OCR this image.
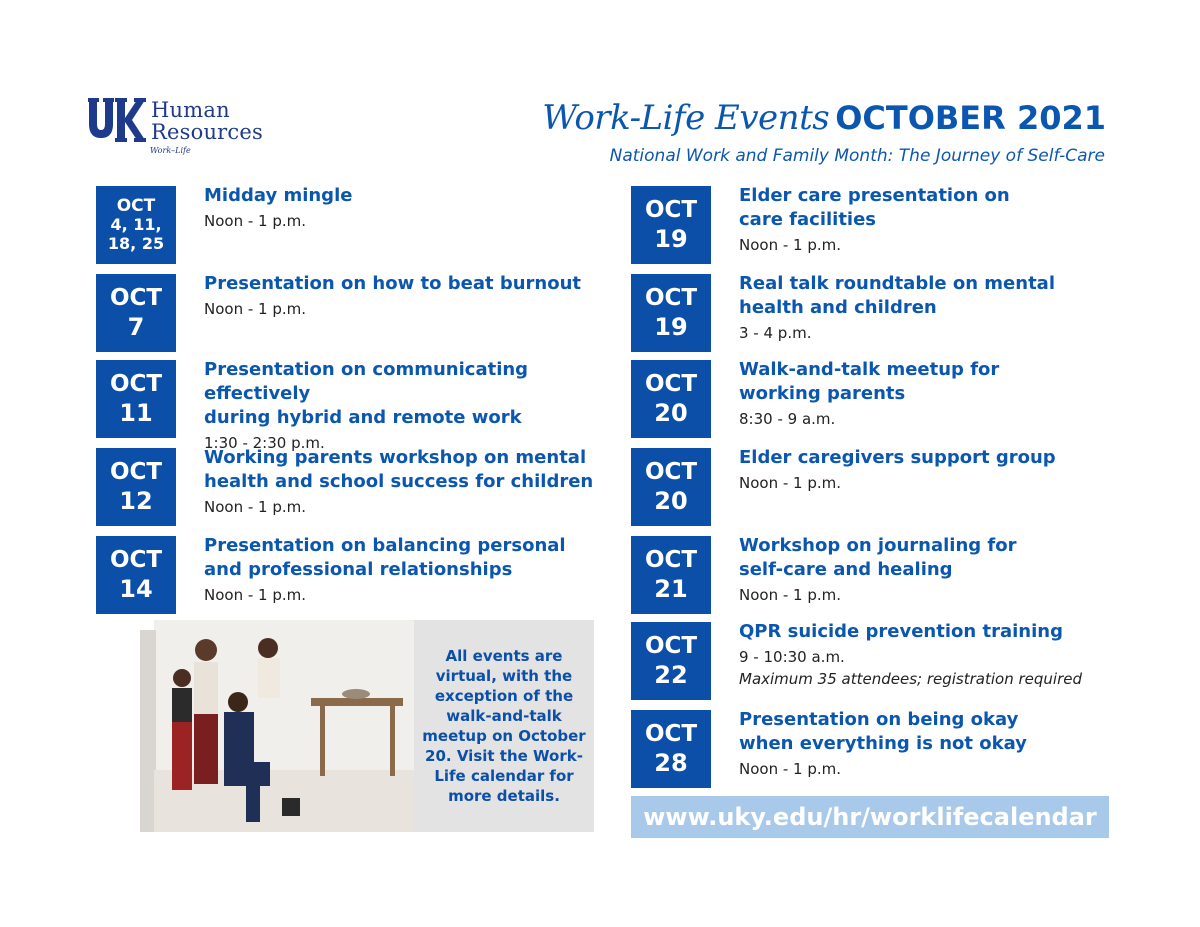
Human
Resources
Work–Life
Work-Life Events OCTOBER 2021
National Work and Family Month: The Journey of Self-Care
OCT
4, 11,
18, 25
Midday mingle
Noon - 1 p.m.
OCT
7
Presentation on how to beat burnout
Noon - 1 p.m.
OCT
11
Presentation on communicating effectively
during hybrid and remote work
1:30 - 2:30 p.m.
OCT
12
Working parents workshop on mental
health and school success for children
Noon - 1 p.m.
OCT
14
Presentation on balancing personal
and professional relationships
Noon - 1 p.m.
All events are virtual, with the exception of the walk-and-talk meetup on October 20. Visit the Work-Life calendar for more details.
OCT
19
Elder care presentation on
care facilities
Noon - 1 p.m.
OCT
19
Real talk roundtable on mental
health and children
3 - 4 p.m.
OCT
20
Walk-and-talk meetup for
working parents
8:30 - 9 a.m.
OCT
20
Elder caregivers support group
Noon - 1 p.m.
OCT
21
Workshop on journaling for
self-care and healing
Noon - 1 p.m.
OCT
22
QPR suicide prevention training
9 - 10:30 a.m.
Maximum 35 attendees; registration required
OCT
28
Presentation on being okay
when everything is not okay
Noon - 1 p.m.
www.uky.edu/hr/worklifecalendar
